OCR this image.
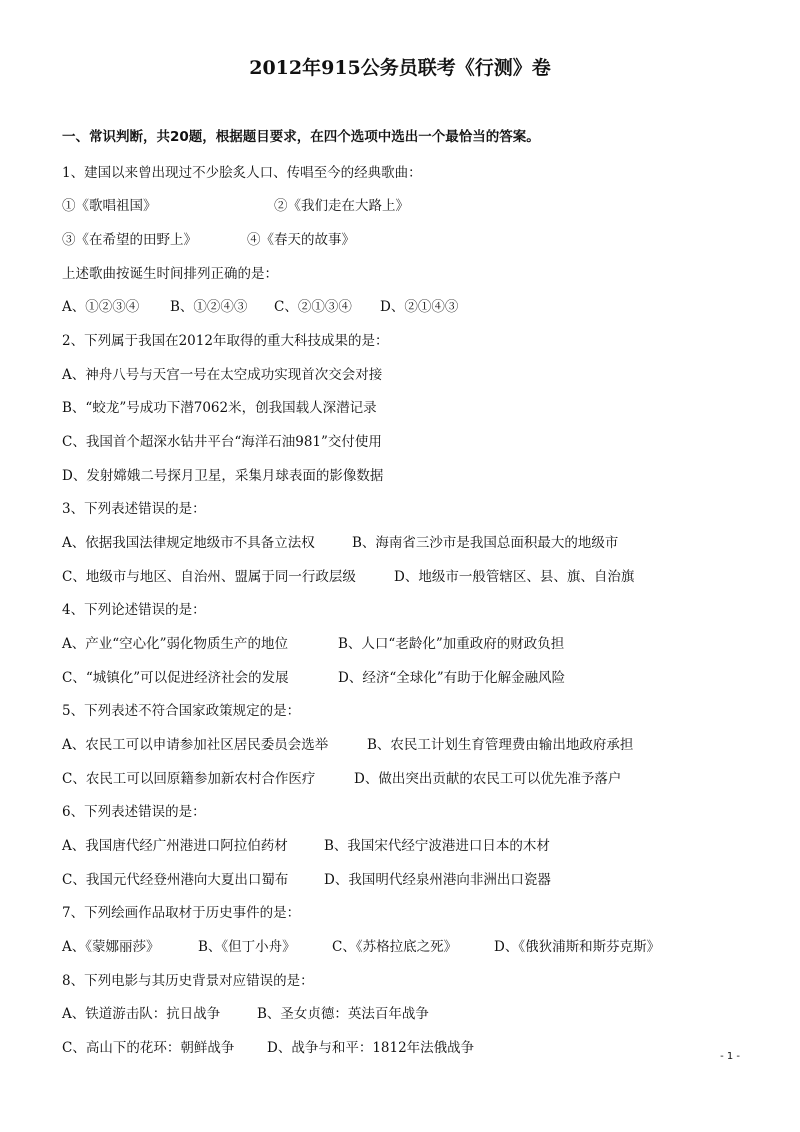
2012年915公务员联考《行测》卷
一、常识判断，共20题，根据题目要求，在四个选项中选出一个最恰当的答案。
1、建国以来曾出现过不少脍炙人口、传唱至今的经典歌曲：
①《歌唱祖国》	②《我们走在大路上》
③《在希望的田野上》	④《春天的故事》
上述歌曲按诞生时间排列正确的是：
A、①②③④ B、①②④③ C、②①③④ D、②①④③
2、下列属于我国在2012年取得的重大科技成果的是：
A、神舟八号与天宫一号在太空成功实现首次交会对接
B、“蛟龙”号成功下潜7062米，创我国载人深潜记录
C、我国首个超深水钻井平台“海洋石油981”交付使用
D、发射嫦娥二号探月卫星，采集月球表面的影像数据
3、下列表述错误的是：
A、依据我国法律规定地级市不具备立法权	B、海南省三沙市是我国总面积最大的地级市
C、地级市与地区、自治州、盟属于同一行政层级	D、地级市一般管辖区、县、旗、自治旗
4、下列论述错误的是：
A、产业“空心化”弱化物质生产的地位	B、人口“老龄化”加重政府的财政负担
C、“城镇化”可以促进经济社会的发展	D、经济“全球化”有助于化解金融风险
5、下列表述不符合国家政策规定的是：
A、农民工可以申请参加社区居民委员会选举	B、农民工计划生育管理费由输出地政府承担
C、农民工可以回原籍参加新农村合作医疗	D、做出突出贡献的农民工可以优先准予落户
6、下列表述错误的是：
A、我国唐代经广州港进口阿拉伯药材	B、我国宋代经宁波港进口日本的木材
C、我国元代经登州港向大夏出口蜀布	D、我国明代经泉州港向非洲出口瓷器
7、下列绘画作品取材于历史事件的是：
A、《蒙娜丽莎》	B、《但丁小舟》	C、《苏格拉底之死》	D、《俄狄浦斯和斯芬克斯》
8、下列电影与其历史背景对应错误的是：
A、铁道游击队：抗日战争	B、圣女贞德：英法百年战争
C、高山下的花环：朝鲜战争 D、战争与和平：1812年法俄战争
- 1 -
